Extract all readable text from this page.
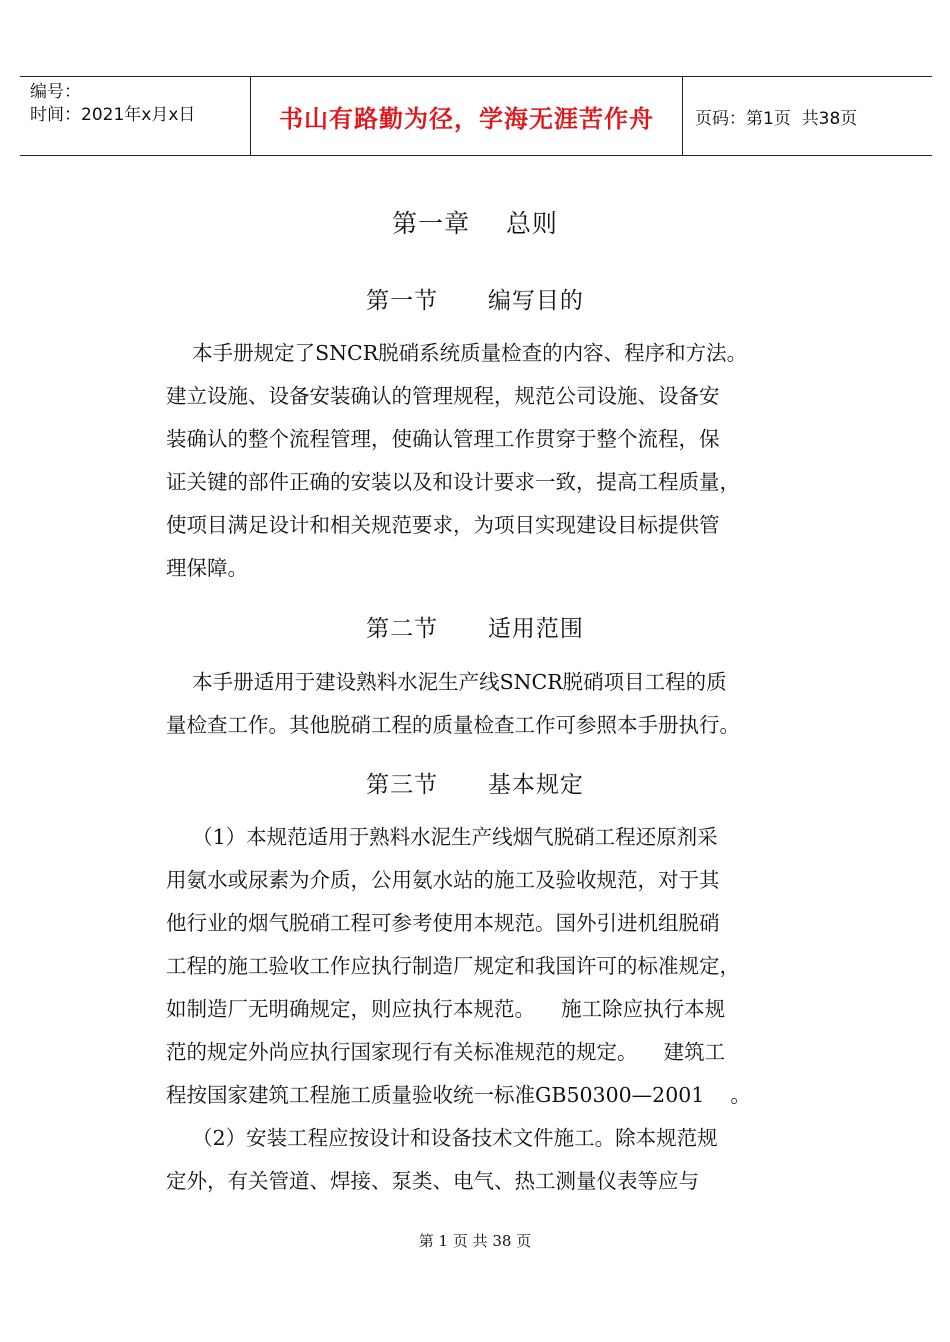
编号：
时间：2021年x月x日	书山有路勤为径，学海无涯苦作舟	页码：第1页  共38页
第一章    总则
第一节      编写目的
本手册规定了SNCR脱硝系统质量检查的内容、程序和方法。
建立设施、设备安装确认的管理规程，规范公司设施、设备安
装确认的整个流程管理，使确认管理工作贯穿于整个流程，保
证关键的部件正确的安装以及和设计要求一致，提高工程质量，
使项目满足设计和相关规范要求，为项目实现建设目标提供管
理保障。
第二节      适用范围
本手册适用于建设熟料水泥生产线SNCR脱硝项目工程的质
量检查工作。其他脱硝工程的质量检查工作可参照本手册执行。
第三节      基本规定
（1）本规范适用于熟料水泥生产线烟气脱硝工程还原剂采
用氨水或尿素为介质，公用氨水站的施工及验收规范，对于其
他行业的烟气脱硝工程可参考使用本规范。国外引进机组脱硝
工程的施工验收工作应执行制造厂规定和我国许可的标准规定，
如制造厂无明确规定，则应执行本规范。    施工除应执行本规
范的规定外尚应执行国家现行有关标准规范的规定。    建筑工
程按国家建筑工程施工质量验收统一标准GB50300—2001    。
（2）安装工程应按设计和设备技术文件施工。除本规范规
定外，有关管道、焊接、泵类、电气、热工测量仪表等应与
第 1 页 共 38 页
